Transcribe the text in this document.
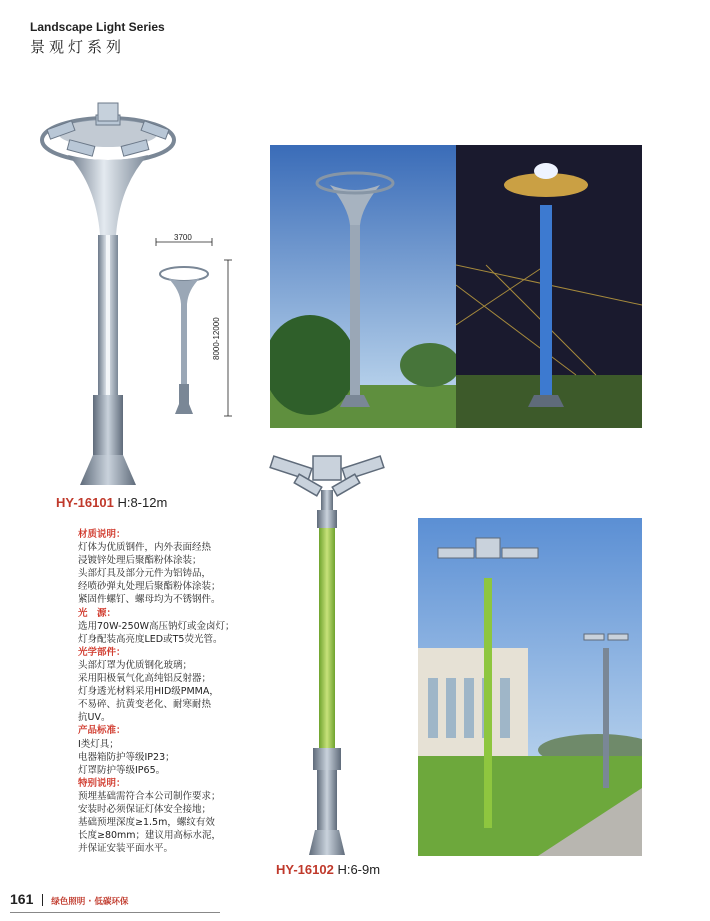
Landscape Light Series
景观灯系列
3700
8000-12000
HY-16101 H:8-12m
材质说明：
灯体为优质钢件，内外表面经热
浸镀锌处理后聚酯粉体涂装；
头部灯具及部分元件为铝铸品，
经喷砂弹丸处理后聚酯粉体涂装；
紧固件螺钉、螺母均为不锈钢件。
光　源：
选用70W-250W高压钠灯或金卤灯；
灯身配装高亮度LED或T5荧光管。
光学部件：
头部灯罩为优质钢化玻璃；
采用阳极氧气化高纯铝反射器；
灯身透光材料采用HID级PMMA，
不易碎、抗黄变老化、耐寒耐热
抗UV。
产品标准：
Ⅰ类灯具；
电器箱防护等级IP23；
灯罩防护等级IP65。
特别说明：
预埋基础需符合本公司制作要求；
安装时必须保证灯体安全接地；
基础预埋深度≥1.5m，螺纹有效
长度≥80mm；建议用高标水泥，
并保证安装平面水平。
HY-16102 H:6-9m
161 绿色照明 · 低碳环保
